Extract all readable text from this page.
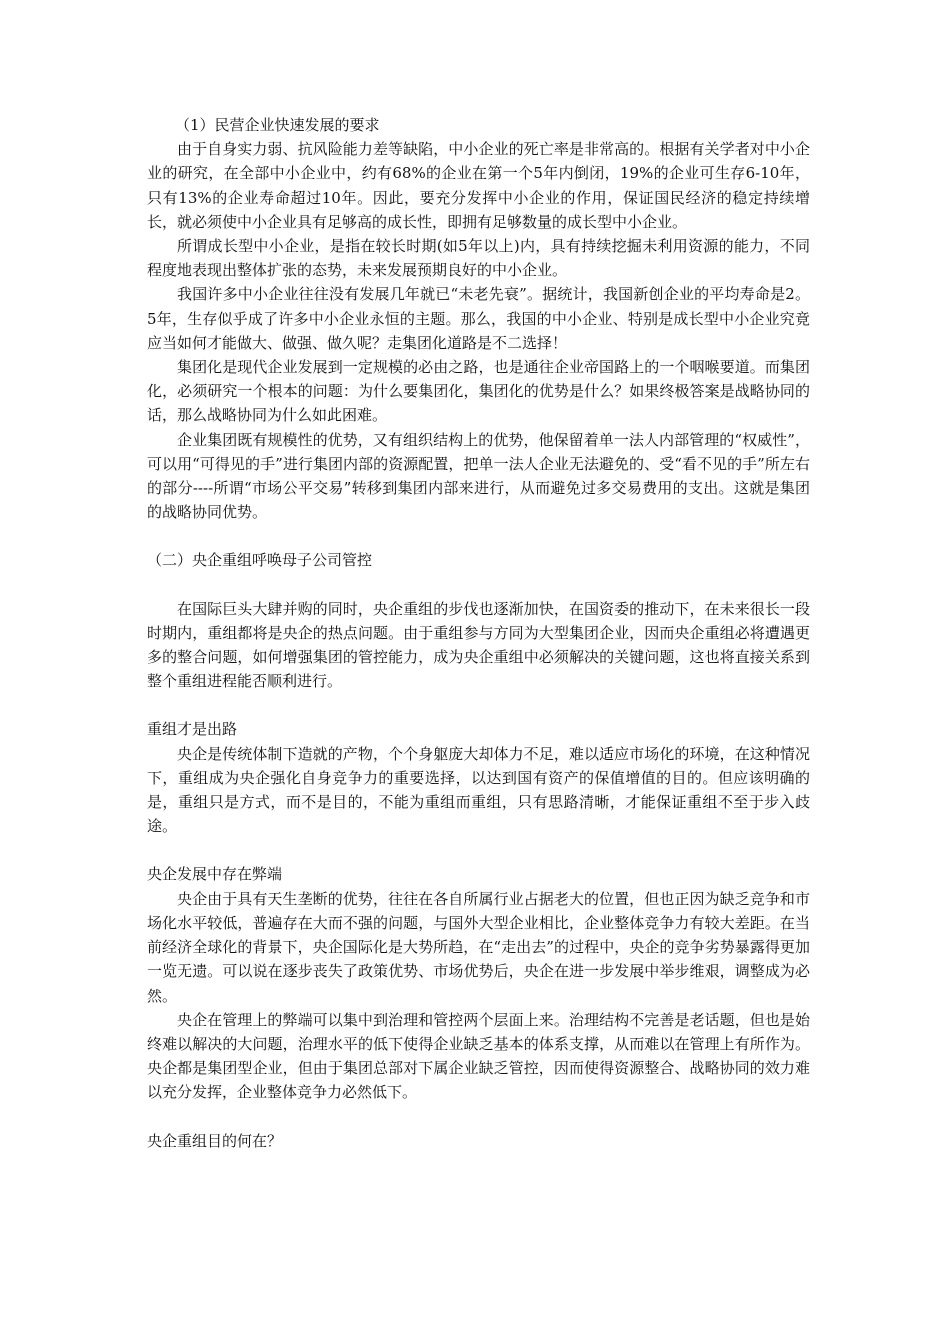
（1）民营企业快速发展的要求

由于自身实力弱、抗风险能力差等缺陷，中小企业的死亡率是非常高的。根据有关学者对中小企业的研究，在全部中小企业中，约有68%的企业在第一个5年内倒闭，19%的企业可生存6-10年，只有13%的企业寿命超过10年。因此，要充分发挥中小企业的作用，保证国民经济的稳定持续增长，就必须使中小企业具有足够高的成长性，即拥有足够数量的成长型中小企业。

所谓成长型中小企业，是指在较长时期(如5年以上)内，具有持续挖掘未利用资源的能力，不同程度地表现出整体扩张的态势，未来发展预期良好的中小企业。

我国许多中小企业往往没有发展几年就已“未老先衰”。据统计，我国新创企业的平均寿命是2。5年，生存似乎成了许多中小企业永恒的主题。那么，我国的中小企业、特别是成长型中小企业究竟应当如何才能做大、做强、做久呢？走集团化道路是不二选择！

集团化是现代企业发展到一定规模的必由之路，也是通往企业帝国路上的一个咽喉要道。而集团化，必须研究一个根本的问题：为什么要集团化，集团化的优势是什么？如果终极答案是战略协同的话，那么战略协同为什么如此困难。

企业集团既有规模性的优势，又有组织结构上的优势，他保留着单一法人内部管理的“权威性”，可以用“可得见的手”进行集团内部的资源配置，把单一法人企业无法避免的、受“看不见的手”所左右的部分----所谓“市场公平交易”转移到集团内部来进行，从而避免过多交易费用的支出。这就是集团的战略协同优势。

（二）央企重组呼唤母子公司管控

在国际巨头大肆并购的同时，央企重组的步伐也逐渐加快，在国资委的推动下，在未来很长一段时期内，重组都将是央企的热点问题。由于重组参与方同为大型集团企业，因而央企重组必将遭遇更多的整合问题，如何增强集团的管控能力，成为央企重组中必须解决的关键问题，这也将直接关系到整个重组进程能否顺利进行。

重组才是出路

央企是传统体制下造就的产物，个个身躯庞大却体力不足，难以适应市场化的环境，在这种情况下，重组成为央企强化自身竞争力的重要选择，以达到国有资产的保值增值的目的。但应该明确的是，重组只是方式，而不是目的，不能为重组而重组，只有思路清晰，才能保证重组不至于步入歧途。

央企发展中存在弊端

央企由于具有天生垄断的优势，往往在各自所属行业占据老大的位置，但也正因为缺乏竞争和市场化水平较低，普遍存在大而不强的问题，与国外大型企业相比，企业整体竞争力有较大差距。在当前经济全球化的背景下，央企国际化是大势所趋，在“走出去”的过程中，央企的竞争劣势暴露得更加一览无遗。可以说在逐步丧失了政策优势、市场优势后，央企在进一步发展中举步维艰，调整成为必然。

央企在管理上的弊端可以集中到治理和管控两个层面上来。治理结构不完善是老话题，但也是始终难以解决的大问题，治理水平的低下使得企业缺乏基本的体系支撑，从而难以在管理上有所作为。央企都是集团型企业，但由于集团总部对下属企业缺乏管控，因而使得资源整合、战略协同的效力难以充分发挥，企业整体竞争力必然低下。

央企重组目的何在？
